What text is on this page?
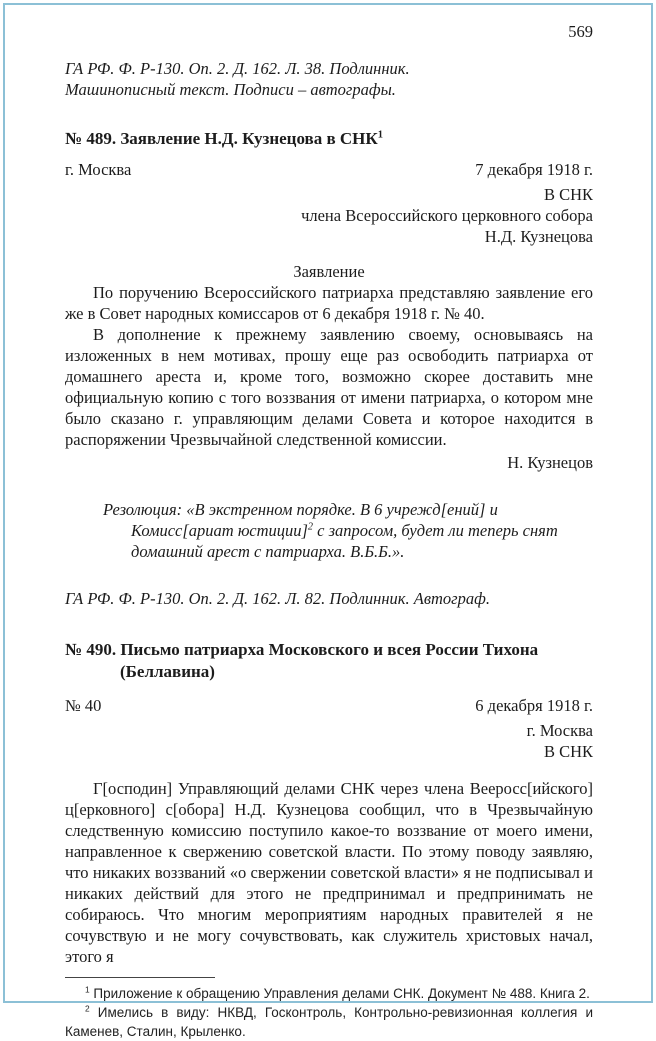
569
ГА РФ. Ф. Р-130. Оп. 2. Д. 162. Л. 38. Подлинник.
Машинописный текст. Подписи – автографы.
№ 489. Заявление Н.Д. Кузнецова в СНК$^1$
г. Москва	7 декабря 1918 г.
В СНК
члена Всероссийского церковного собора
Н.Д. Кузнецова
Заявление

По поручению Всероссийского патриарха представляю заявление его же в Совет народных комиссаров от 6 декабря 1918 г. № 40.

В дополнение к прежнему заявлению своему, основываясь на изложенных в нем мотивах, прошу еще раз освободить патриарха от домашнего ареста и, кроме того, возможно скорее доставить мне официальную копию с того воззвания от имени патриарха, о котором мне было сказано г. управляющим делами Совета и которое находится в распоряжении Чрезвычайной следственной комиссии.

Н. Кузнецов
Резолюция: «В экстренном порядке. В 6 учрежд[ений] и Комисс[ариат юстиции]$^2$ с запросом, будет ли теперь снят домашний арест с патриарха. В.Б.Б.».
ГА РФ. Ф. Р-130. Оп. 2. Д. 162. Л. 82. Подлинник. Автограф.
№ 490. Письмо патриарха Московского и всея России Тихона (Беллавина)
№ 40	6 декабря 1918 г.
г. Москва
В СНК

Г[осподин] Управляющий делами СНК через члена Вееросс[ийского] ц[ерковного] с[обора] Н.Д. Кузнецова сообщил, что в Чрезвычайную следственную комиссию поступило какое-то воззвание от моего имени, направленное к свержению советской власти. По этому поводу заявляю, что никаких воззваний «о свержении советской власти» я не подписывал и никаких действий для этого не предпринимал и предпринимать не собираюсь. Что многим мероприятиям народных правителей я не сочувствую и не могу сочувствовать, как служитель христовых начал, этого я

$^1$ Приложение к обращению Управления делами СНК. Документ № 488. Книга 2.

$^2$ Имелись в виду: НКВД, Госконтроль, Контрольно-ревизионная коллегия и Каменев, Сталин, Крыленко.
